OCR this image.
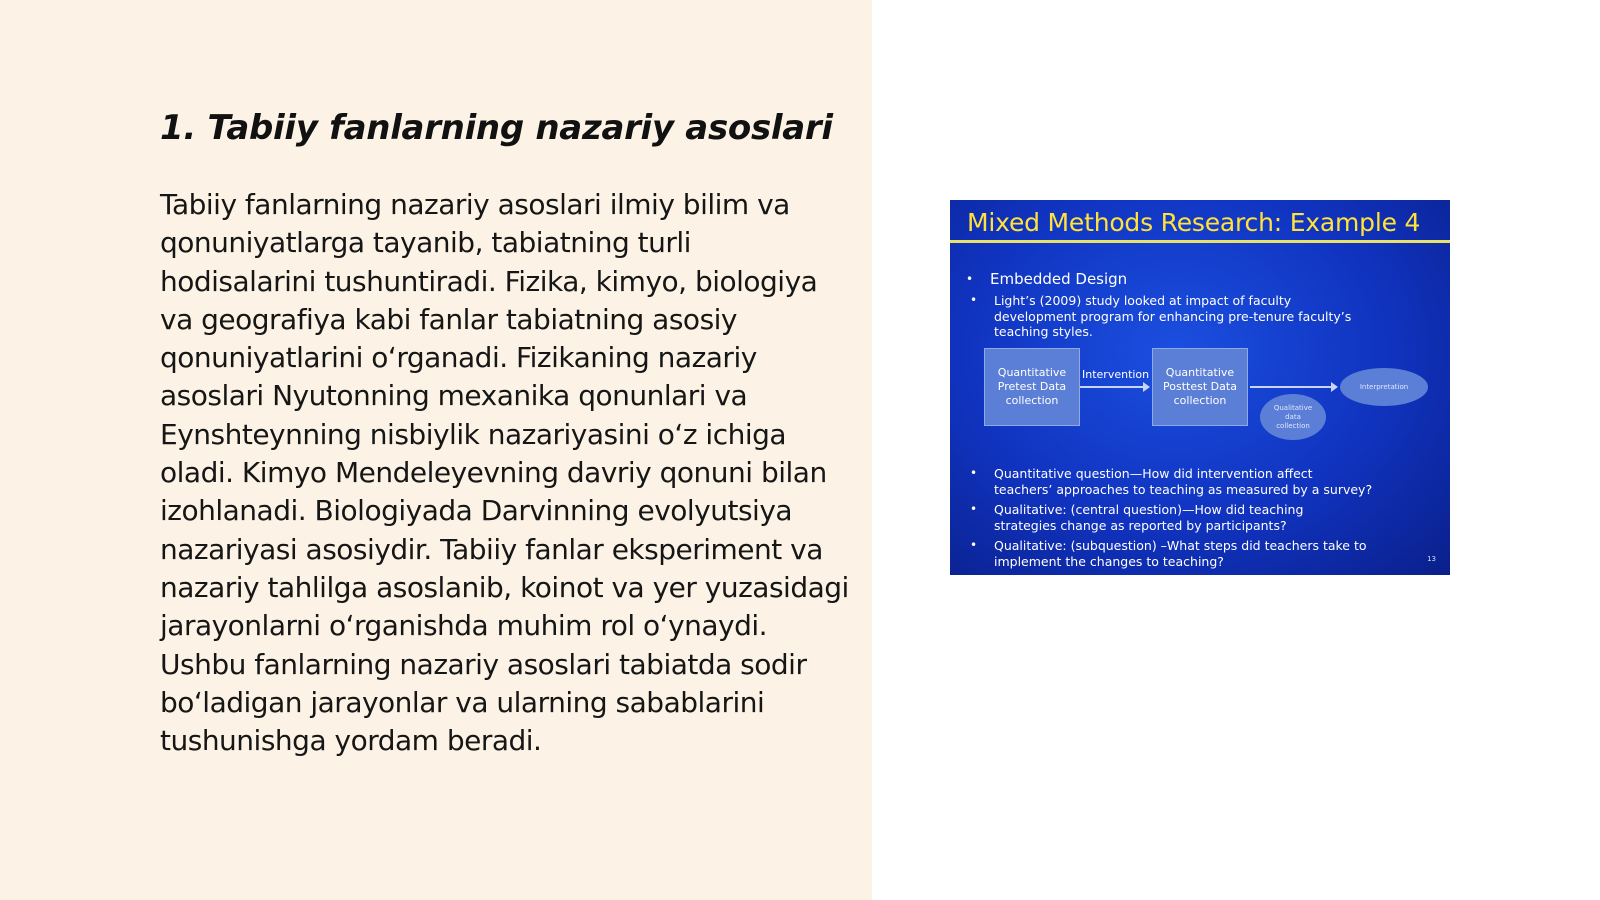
1. Tabiiy fanlarning nazariy asoslari

Tabiiy fanlarning nazariy asoslari ilmiy bilim va qonuniyatlarga tayanib, tabiatning turli hodisalarini tushuntiradi. Fizika, kimyo, biologiya va geografiya kabi fanlar tabiatning asosiy qonuniyatlarini oʻrganadi. Fizikaning nazariy asoslari Nyutonning mexanika qonunlari va Eynshteynning nisbiylik nazariyasini oʻz ichiga oladi. Kimyo Mendeleyevning davriy qonuni bilan izohlanadi. Biologiyada Darvinning evolyutsiya nazariyasi asosiydir. Tabiiy fanlar eksperiment va nazariy tahlilga asoslanib, koinot va yer yuzasidagi jarayonlarni oʻrganishda muhim rol oʻynaydi. Ushbu fanlarning nazariy asoslari tabiatda sodir boʻladigan jarayonlar va ularning sabablarini tushunishga yordam beradi.

Mixed Methods Research: Example 4
• Embedded Design
• Light’s (2009) study looked at impact of faculty
development program for enhancing pre-tenure faculty’s
teaching styles.
Quantitative
Pretest Data
collection
Intervention Quantitative
Posttest Data
collection
Qualitative
data
collection
Interpretation
• Quantitative question—How did intervention affect
teachers’ approaches to teaching as measured by a survey?
• Qualitative: (central question)—How did teaching
strategies change as reported by participants?
• Qualitative: (subquestion) –What steps did teachers take to
implement the changes to teaching?	13
